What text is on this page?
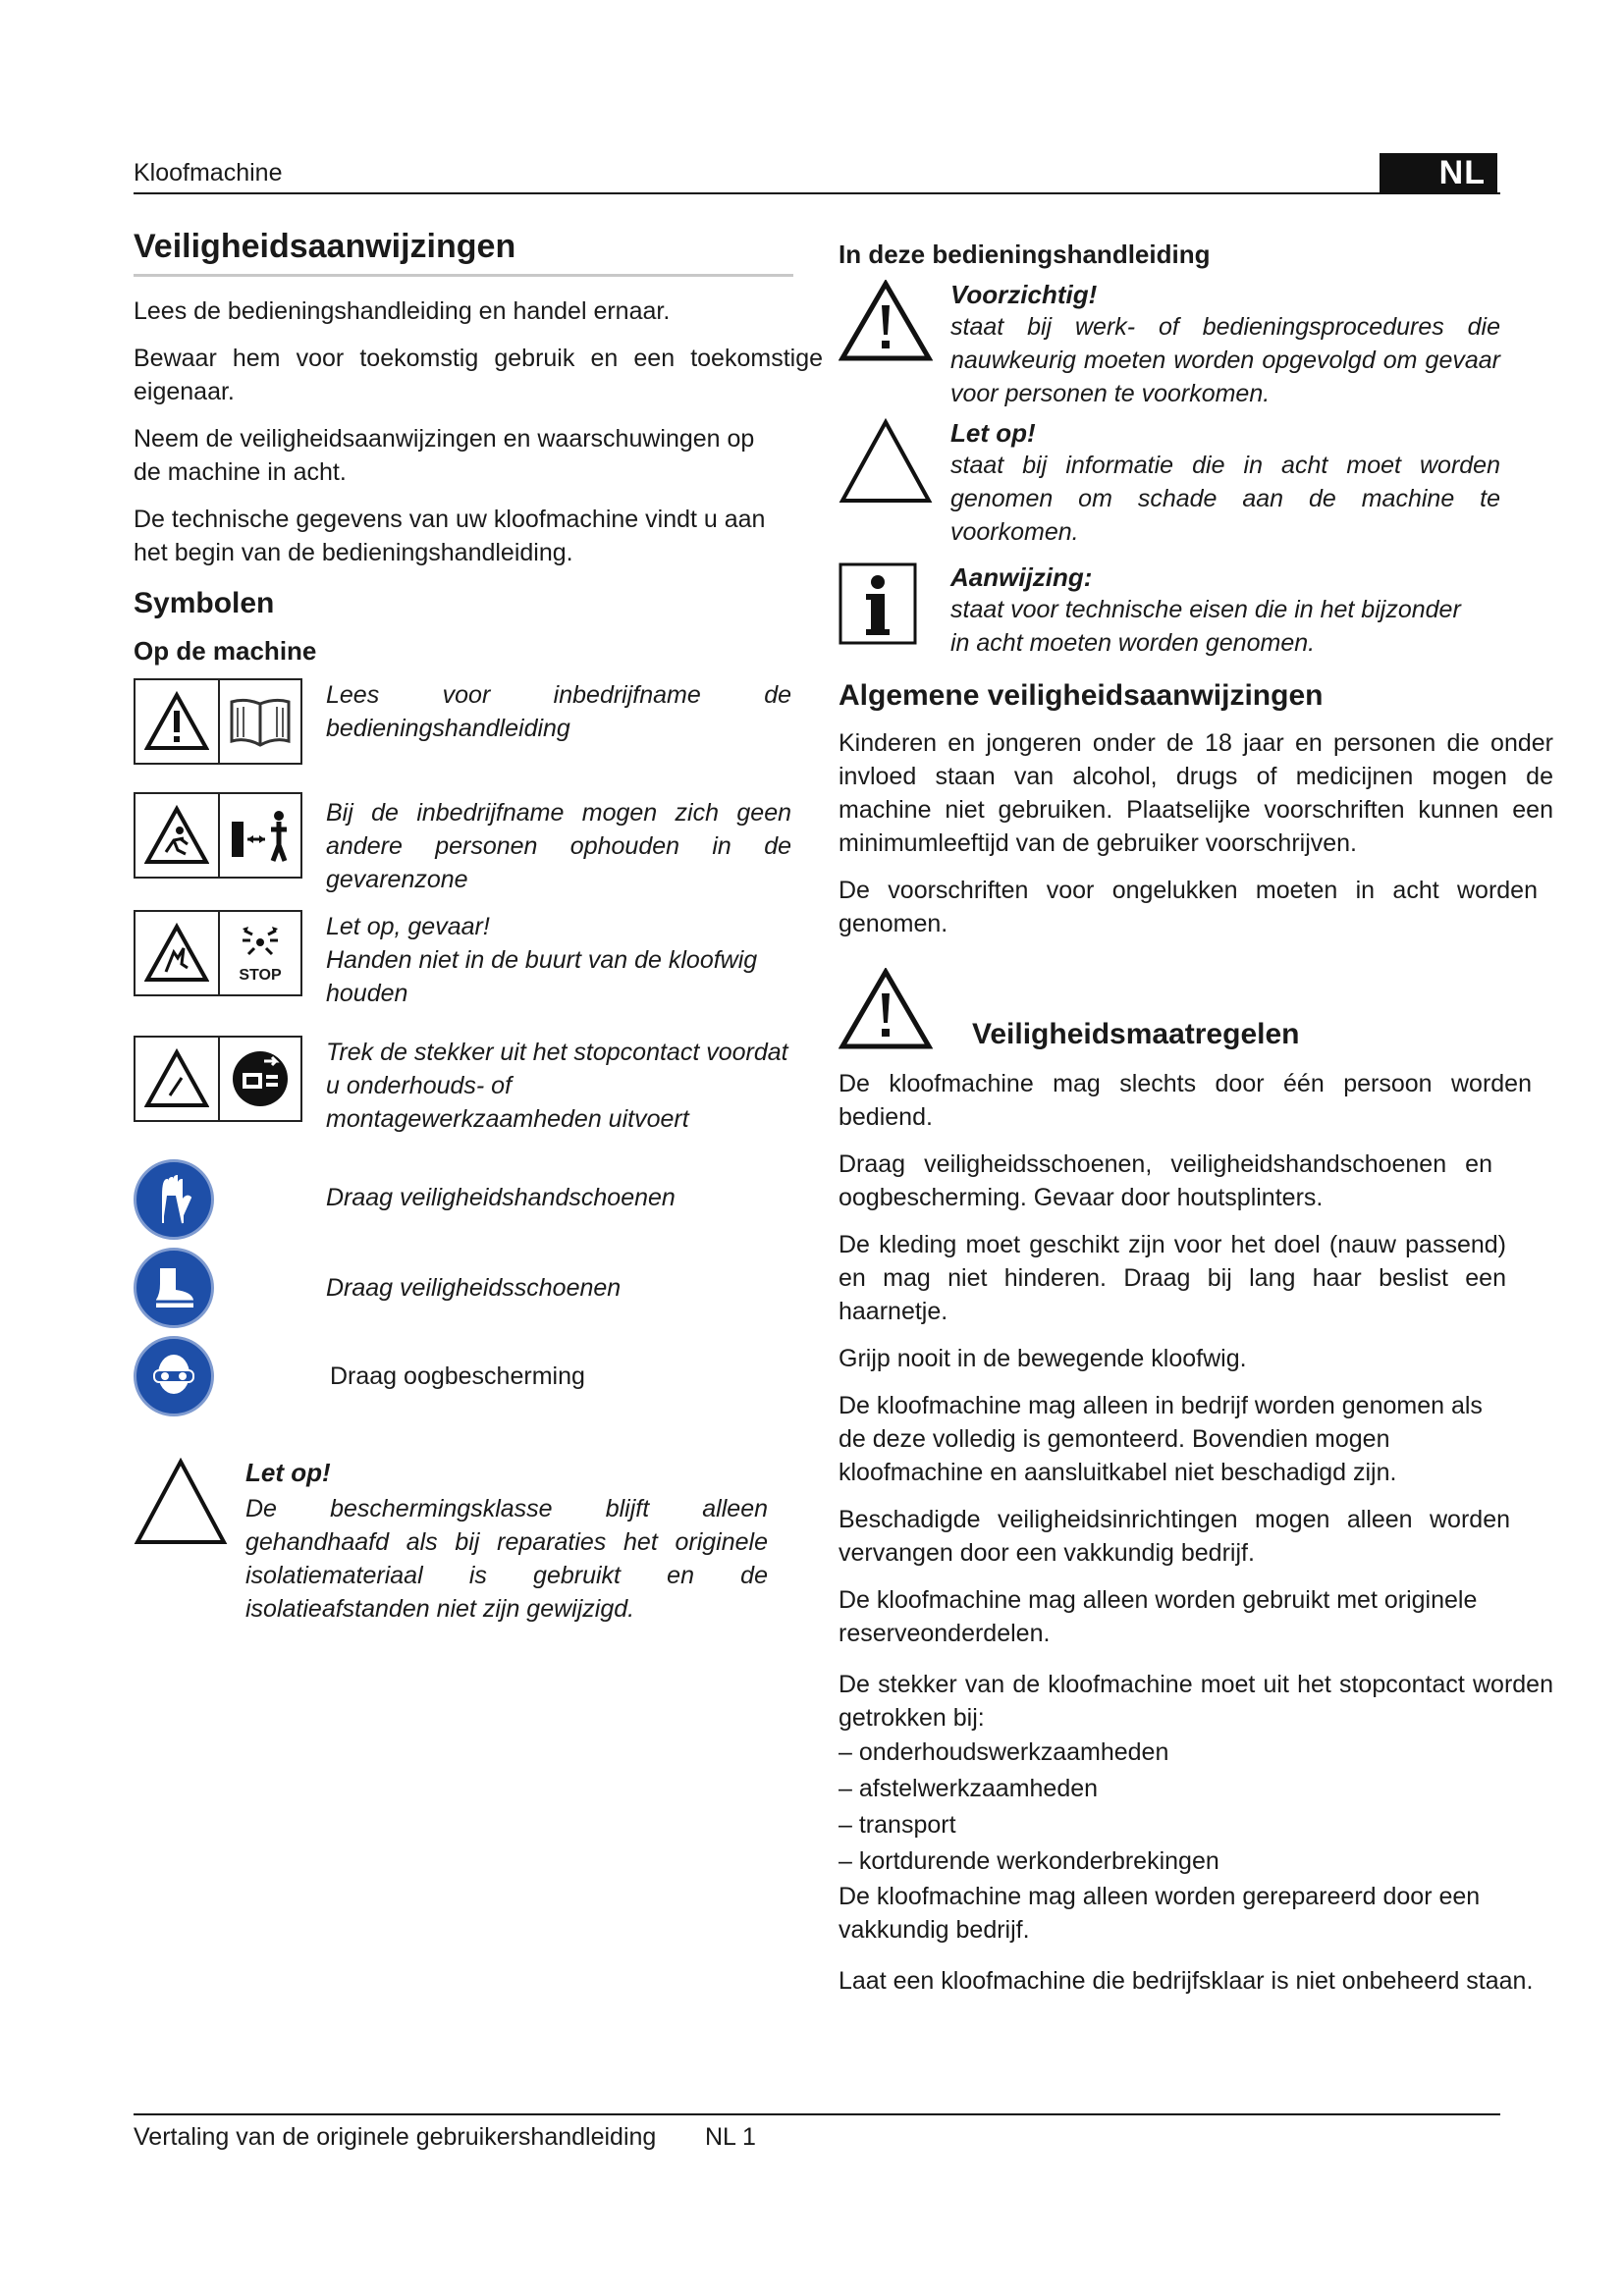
Kloofmachine	NL
Veiligheidsaanwijzingen

Lees de bedieningshandleiding en handel ernaar.

Bewaar hem voor toekomstig gebruik en een toekomstige eigenaar.

Neem de veiligheidsaanwijzingen en waarschuwingen op de machine in acht.

De technische gegevens van uw kloofmachine vindt u aan het begin van de bedieningshandleiding.

Symbolen
Op de machine
Lees voor inbedrijfname de bedieningshandleiding
Bij de inbedrijfname mogen zich geen andere personen ophouden in de gevarenzone
STOP
Let op, gevaar!
Handen niet in de buurt van de kloofwig houden
Trek de stekker uit het stopcontact voordat u onderhouds- of montagewerkzaamheden uitvoert
Draag veiligheidshandschoenen
Draag veiligheidsschoenen
Draag oogbescherming
Let op!
De beschermingsklasse blijft alleen gehandhaafd als bij reparaties het originele isolatiemateriaal is gebruikt en de isolatieafstanden niet zijn gewijzigd.
In deze bedieningshandleiding
Voorzichtig!
staat bij werk- of bedieningsprocedures die nauwkeurig moeten worden opgevolgd om gevaar voor personen te voorkomen.
Let op!
staat bij informatie die in acht moet worden genomen om schade aan de machine te voorkomen.
Aanwijzing:
staat voor technische eisen die in het bijzonder in acht moeten worden genomen.
Algemene veiligheidsaanwijzingen

Kinderen en jongeren onder de 18 jaar en personen die onder invloed staan van alcohol, drugs of medicijnen mogen de machine niet gebruiken. Plaatselijke voorschriften kunnen een minimumleeftijd van de gebruiker voorschrijven.

De voorschriften voor ongelukken moeten in acht worden genomen.

Veiligheidsmaatregelen

De kloofmachine mag slechts door één persoon worden bediend.

Draag veiligheidsschoenen, veiligheidshandschoenen en oogbescherming. Gevaar door houtsplinters.

De kleding moet geschikt zijn voor het doel (nauw passend) en mag niet hinderen. Draag bij lang haar beslist een haarnetje.

Grijp nooit in de bewegende kloofwig.

De kloofmachine mag alleen in bedrijf worden genomen als de deze volledig is gemonteerd. Bovendien mogen kloofmachine en aansluitkabel niet beschadigd zijn.

Beschadigde veiligheidsinrichtingen mogen alleen worden vervangen door een vakkundig bedrijf.

De kloofmachine mag alleen worden gebruikt met originele reserveonderdelen.

De stekker van de kloofmachine moet uit het stopcontact worden getrokken bij:

– onderhoudswerkzaamheden
– afstelwerkzaamheden
– transport
– kortdurende werkonderbrekingen

De kloofmachine mag alleen worden gerepareerd door een vakkundig bedrijf.

Laat een kloofmachine die bedrijfsklaar is niet onbeheerd staan.

Vertaling van de originele gebruikershandleiding NL 1
